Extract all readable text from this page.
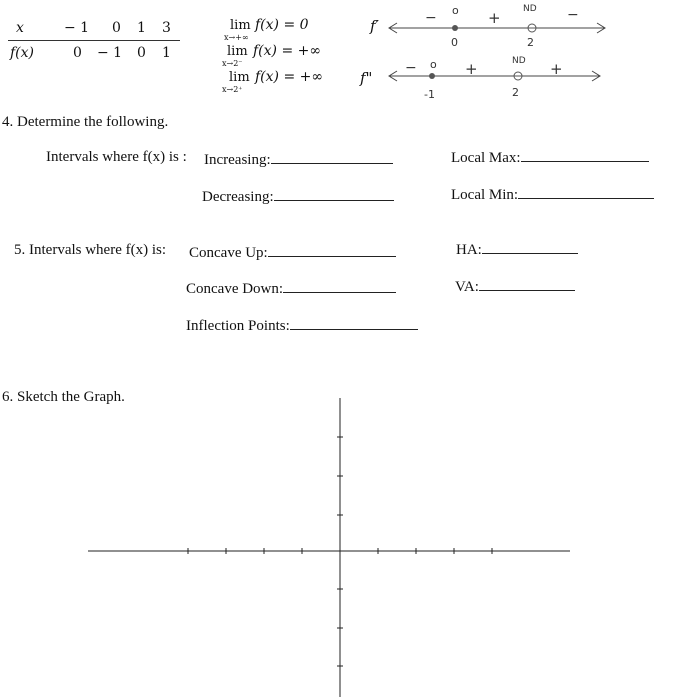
x	− 1 0 1 3
f(x)	0 − 1 0 1
lim
x→+∞
f(x) = 0
lim
x→2⁻
f(x) = +∞
lim
x→2⁺
f(x) = +∞
f′
f"
−	+	−
o	ND
0	2
−	+	+
o	ND
-1	2
4. Determine the following.
Intervals where f(x) is : Increasing:
Decreasing:
Local Max:
Local Min:
5. Intervals where f(x) is: Concave Up:
Concave Down:
Inflection Points:
HA:
VA:
6. Sketch the Graph.
